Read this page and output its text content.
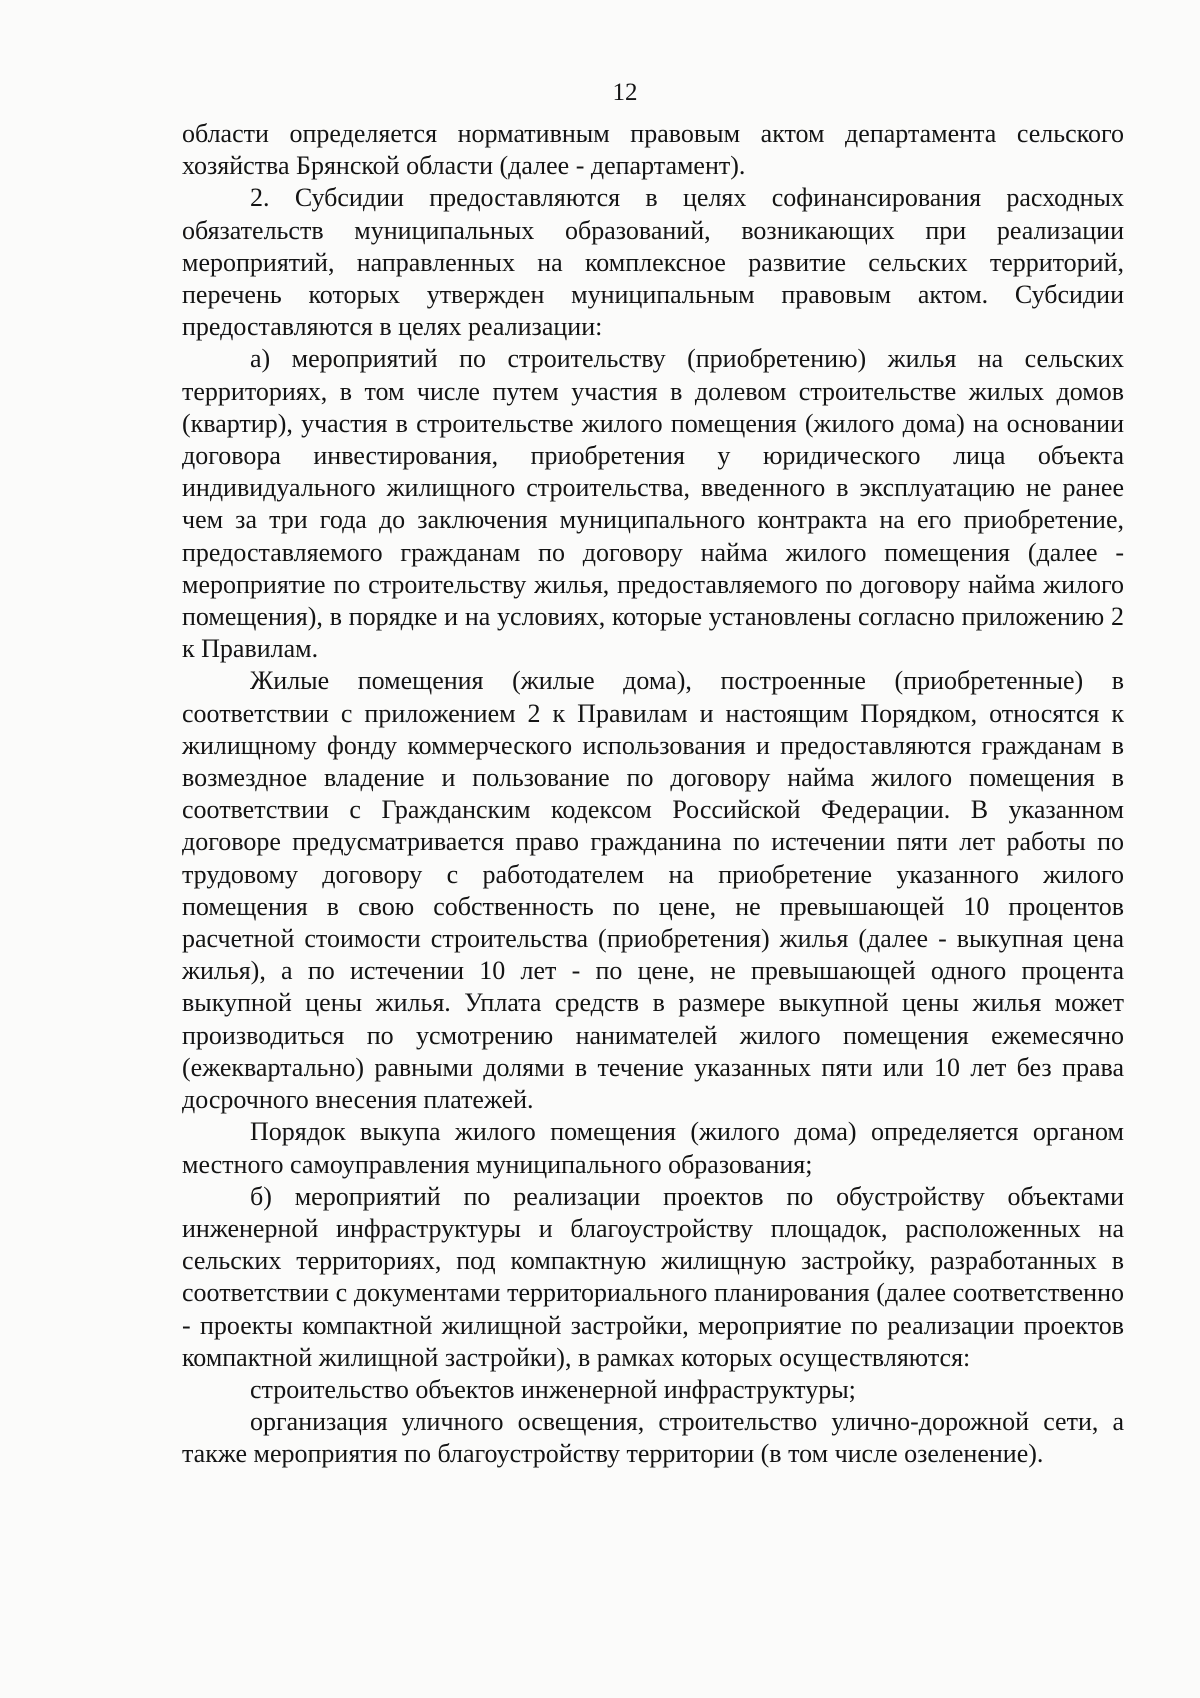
12

области определяется нормативным правовым актом департамента сельского хозяйства Брянской области (далее - департамент).

2. Субсидии предоставляются в целях софинансирования расходных обязательств муниципальных образований, возникающих при реализации мероприятий, направленных на комплексное развитие сельских территорий, перечень которых утвержден муниципальным правовым актом. Субсидии предоставляются в целях реализации:

а) мероприятий по строительству (приобретению) жилья на сельских территориях, в том числе путем участия в долевом строительстве жилых домов (квартир), участия в строительстве жилого помещения (жилого дома) на основании договора инвестирования, приобретения у юридического лица объекта индивидуального жилищного строительства, введенного в эксплуатацию не ранее чем за три года до заключения муниципального контракта на его приобретение, предоставляемого гражданам по договору найма жилого помещения (далее - мероприятие по строительству жилья, предоставляемого по договору найма жилого помещения), в порядке и на условиях, которые установлены согласно приложению 2 к Правилам.

Жилые помещения (жилые дома), построенные (приобретенные) в соответствии с приложением 2 к Правилам и настоящим Порядком, относятся к жилищному фонду коммерческого использования и предоставляются гражданам в возмездное владение и пользование по договору найма жилого помещения в соответствии с Гражданским кодексом Российской Федерации. В указанном договоре предусматривается право гражданина по истечении пяти лет работы по трудовому договору с работодателем на приобретение указанного жилого помещения в свою собственность по цене, не превышающей 10 процентов расчетной стоимости строительства (приобретения) жилья (далее - выкупная цена жилья), а по истечении 10 лет - по цене, не превышающей одного процента выкупной цены жилья. Уплата средств в размере выкупной цены жилья может производиться по усмотрению нанимателей жилого помещения ежемесячно (ежеквартально) равными долями в течение указанных пяти или 10 лет без права досрочного внесения платежей.

Порядок выкупа жилого помещения (жилого дома) определяется органом местного самоуправления муниципального образования;

б) мероприятий по реализации проектов по обустройству объектами инженерной инфраструктуры и благоустройству площадок, расположенных на сельских территориях, под компактную жилищную застройку, разработанных в соответствии с документами территориального планирования (далее соответственно - проекты компактной жилищной застройки, мероприятие по реализации проектов компактной жилищной застройки), в рамках которых осуществляются:

строительство объектов инженерной инфраструктуры;

организация уличного освещения, строительство улично-дорожной сети, а также мероприятия по благоустройству территории (в том числе озеленение).
